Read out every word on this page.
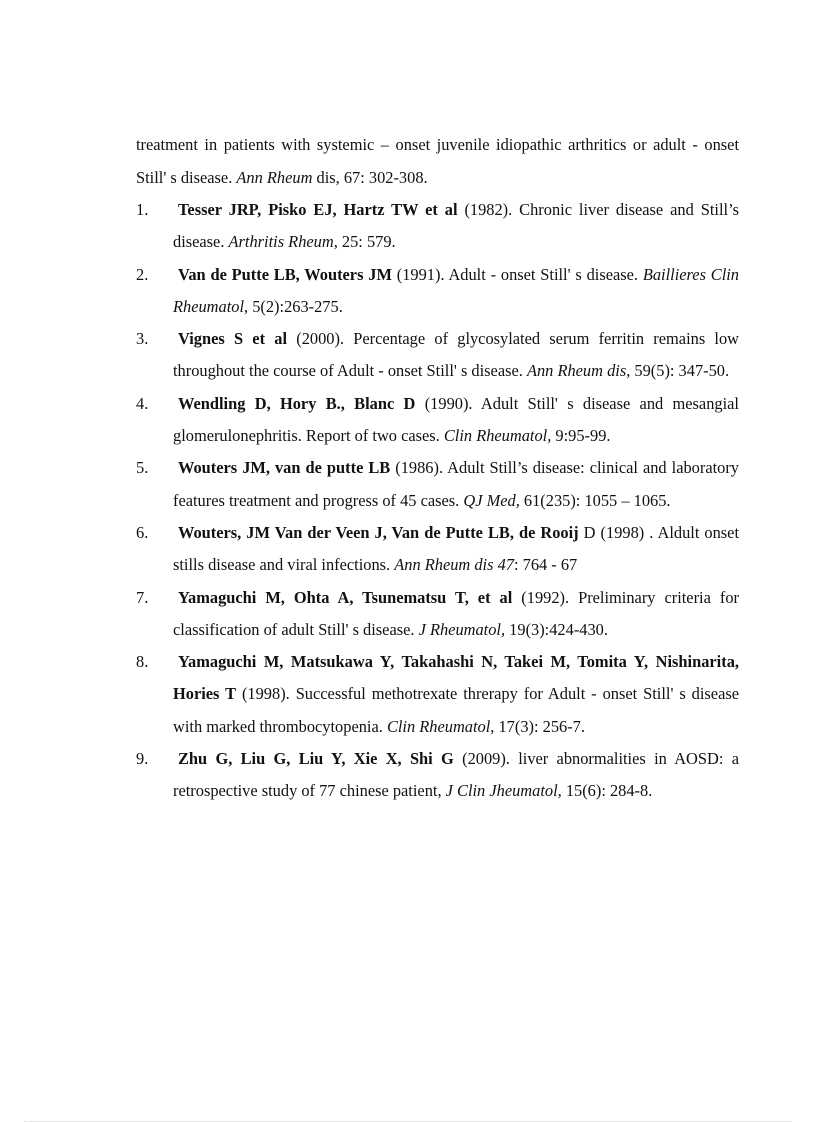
treatment in patients with systemic – onset juvenile idiopathic arthritics or adult - onset Still' s disease. Ann Rheum dis, 67: 302-308.

1. Tesser JRP, Pisko EJ, Hartz TW et al (1982). Chronic liver disease and Still’s disease. Arthritis Rheum, 25: 579.
2. Van de Putte LB, Wouters JM (1991). Adult - onset Still' s disease. Baillieres Clin Rheumatol, 5(2):263-275.
3. Vignes S et al (2000). Percentage of glycosylated serum ferritin remains low throughout the course of Adult - onset Still' s disease. Ann Rheum dis, 59(5): 347-50.
4. Wendling D, Hory B., Blanc D (1990). Adult Still' s disease and mesangial glomerulonephritis. Report of two cases. Clin Rheumatol, 9:95-99.
5. Wouters JM, van de putte LB (1986). Adult Still’s disease: clinical and laboratory features treatment and progress of 45 cases. QJ Med, 61(235): 1055 – 1065.
6. Wouters, JM Van der Veen J, Van de Putte LB, de Rooij D (1998) . Aldult onset stills disease and viral infections. Ann Rheum dis 47: 764 - 67
7. Yamaguchi M, Ohta A, Tsunematsu T, et al (1992). Preliminary criteria for classification of adult Still' s disease. J Rheumatol, 19(3):424-430.
8. Yamaguchi M, Matsukawa Y, Takahashi N, Takei M, Tomita Y, Nishinarita, Hories T (1998). Successful methotrexate threrapy for Adult - onset Still' s disease with marked thrombocytopenia. Clin Rheumatol, 17(3): 256-7.
9. Zhu G, Liu G, Liu Y, Xie X, Shi G (2009). liver abnormalities in AOSD: a retrospective study of 77 chinese patient, J Clin Jheumatol, 15(6): 284-8.
